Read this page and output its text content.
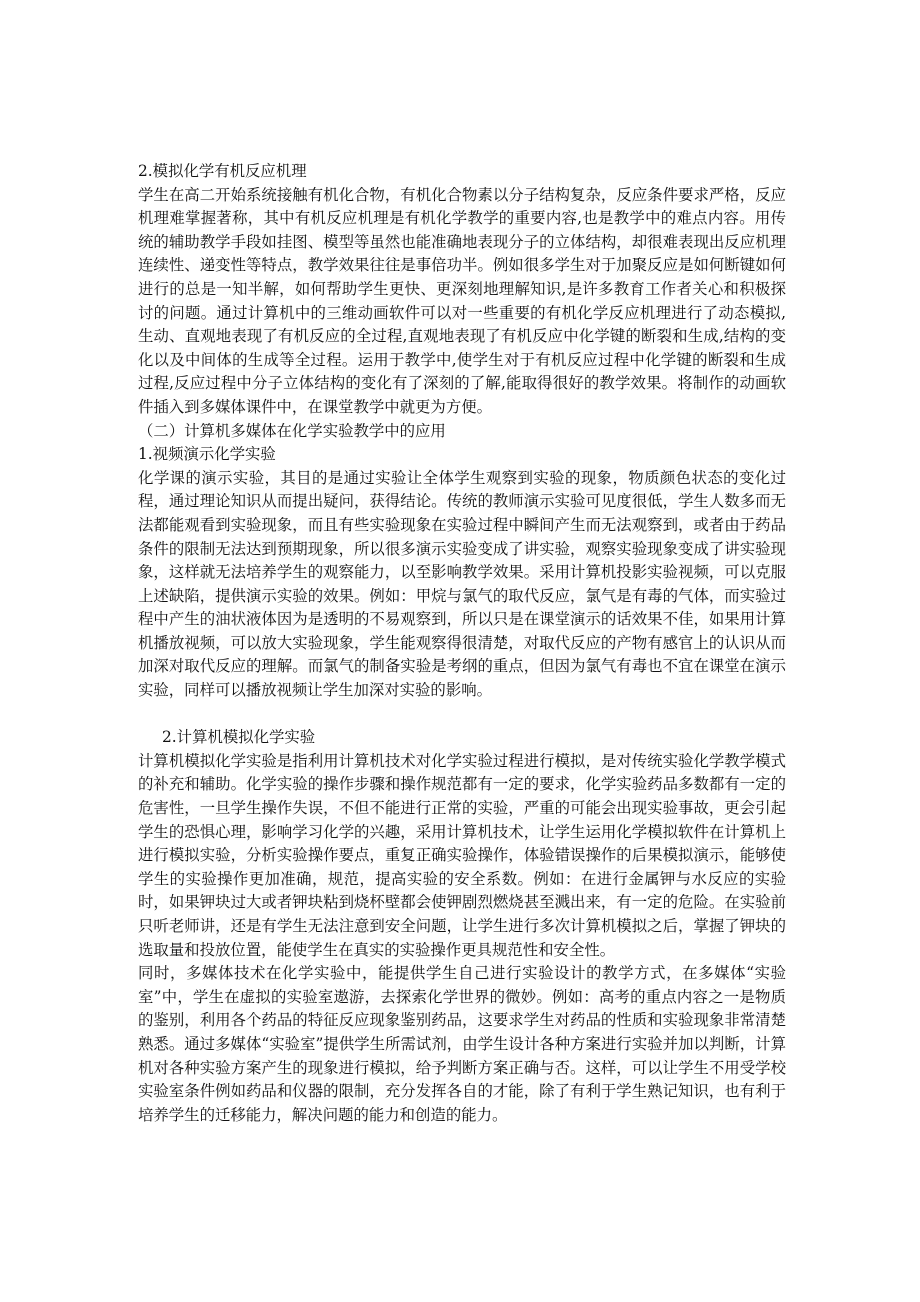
2.模拟化学有机反应机理

学生在高二开始系统接触有机化合物，有机化合物素以分子结构复杂，反应条件要求严格，反应机理难掌握著称，其中有机反应机理是有机化学教学的重要内容,也是教学中的难点内容。用传统的辅助教学手段如挂图、模型等虽然也能准确地表现分子的立体结构，却很难表现出反应机理连续性、递变性等特点，教学效果往往是事倍功半。例如很多学生对于加聚反应是如何断键如何进行的总是一知半解，如何帮助学生更快、更深刻地理解知识,是许多教育工作者关心和积极探讨的问题。通过计算机中的三维动画软件可以对一些重要的有机化学反应机理进行了动态模拟,生动、直观地表现了有机反应的全过程,直观地表现了有机反应中化学键的断裂和生成,结构的变化以及中间体的生成等全过程。运用于教学中,使学生对于有机反应过程中化学键的断裂和生成过程,反应过程中分子立体结构的变化有了深刻的了解,能取得很好的教学效果。将制作的动画软件插入到多媒体课件中，在课堂教学中就更为方便。

（二）计算机多媒体在化学实验教学中的应用

1.视频演示化学实验

化学课的演示实验，其目的是通过实验让全体学生观察到实验的现象，物质颜色状态的变化过程，通过理论知识从而提出疑问，获得结论。传统的教师演示实验可见度很低，学生人数多而无法都能观看到实验现象，而且有些实验现象在实验过程中瞬间产生而无法观察到，或者由于药品条件的限制无法达到预期现象，所以很多演示实验变成了讲实验，观察实验现象变成了讲实验现象，这样就无法培养学生的观察能力，以至影响教学效果。采用计算机投影实验视频，可以克服上述缺陷，提供演示实验的效果。例如：甲烷与氯气的取代反应，氯气是有毒的气体，而实验过程中产生的油状液体因为是透明的不易观察到，所以只是在课堂演示的话效果不佳，如果用计算机播放视频，可以放大实验现象，学生能观察得很清楚，对取代反应的产物有感官上的认识从而加深对取代反应的理解。而氯气的制备实验是考纲的重点，但因为氯气有毒也不宜在课堂在演示实验，同样可以播放视频让学生加深对实验的影响。

2.计算机模拟化学实验

计算机模拟化学实验是指利用计算机技术对化学实验过程进行模拟，是对传统实验化学教学模式的补充和辅助。化学实验的操作步骤和操作规范都有一定的要求，化学实验药品多数都有一定的危害性，一旦学生操作失误，不但不能进行正常的实验，严重的可能会出现实验事故，更会引起学生的恐惧心理，影响学习化学的兴趣，采用计算机技术，让学生运用化学模拟软件在计算机上进行模拟实验，分析实验操作要点，重复正确实验操作，体验错误操作的后果模拟演示，能够使学生的实验操作更加准确，规范，提高实验的安全系数。例如：在进行金属钾与水反应的实验时，如果钾块过大或者钾块粘到烧杯壁都会使钾剧烈燃烧甚至溅出来，有一定的危险。在实验前只听老师讲，还是有学生无法注意到安全问题，让学生进行多次计算机模拟之后，掌握了钾块的选取量和投放位置，能使学生在真实的实验操作更具规范性和安全性。

同时，多媒体技术在化学实验中，能提供学生自己进行实验设计的教学方式，在多媒体“实验室”中，学生在虚拟的实验室遨游，去探索化学世界的微妙。例如：高考的重点内容之一是物质的鉴别，利用各个药品的特征反应现象鉴别药品，这要求学生对药品的性质和实验现象非常清楚熟悉。通过多媒体“实验室”提供学生所需试剂，由学生设计各种方案进行实验并加以判断，计算机对各种实验方案产生的现象进行模拟，给予判断方案正确与否。这样，可以让学生不用受学校实验室条件例如药品和仪器的限制，充分发挥各自的才能，除了有利于学生熟记知识，也有利于培养学生的迁移能力，解决问题的能力和创造的能力。
